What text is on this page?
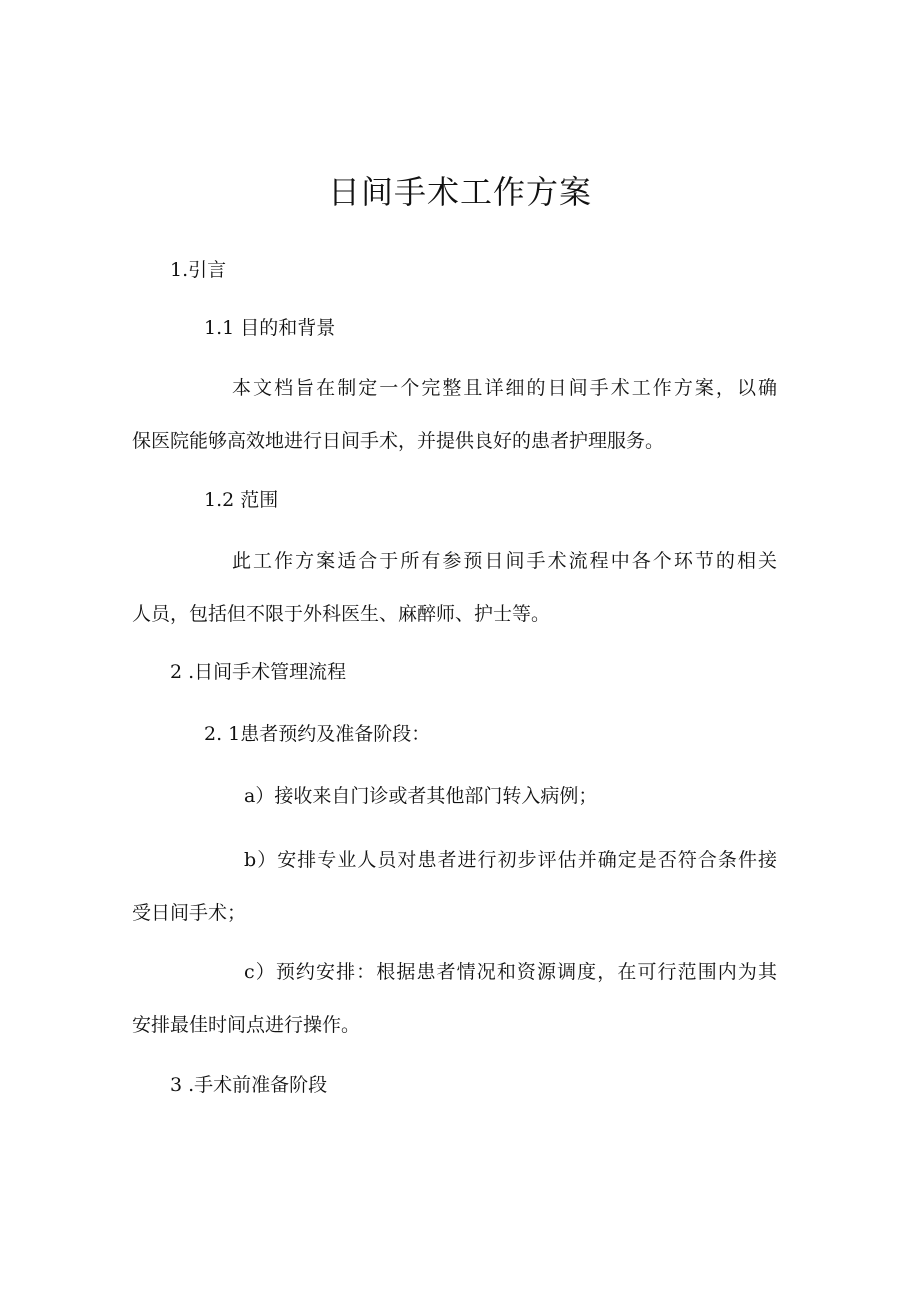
日间手术工作方案

1.引言

1.1 目的和背景

本文档旨在制定一个完整且详细的日间手术工作方案，以确
保医院能够高效地进行日间手术，并提供良好的患者护理服务。

1.2 范围

此工作方案适合于所有参预日间手术流程中各个环节的相关
人员，包括但不限于外科医生、麻醉师、护士等。

2 .日间手术管理流程

2. 1患者预约及准备阶段：

a）接收来自门诊或者其他部门转入病例；

b）安排专业人员对患者进行初步评估并确定是否符合条件接
受日间手术；
c）预约安排：根据患者情况和资源调度，在可行范围内为其
安排最佳时间点进行操作。

3 .手术前准备阶段
